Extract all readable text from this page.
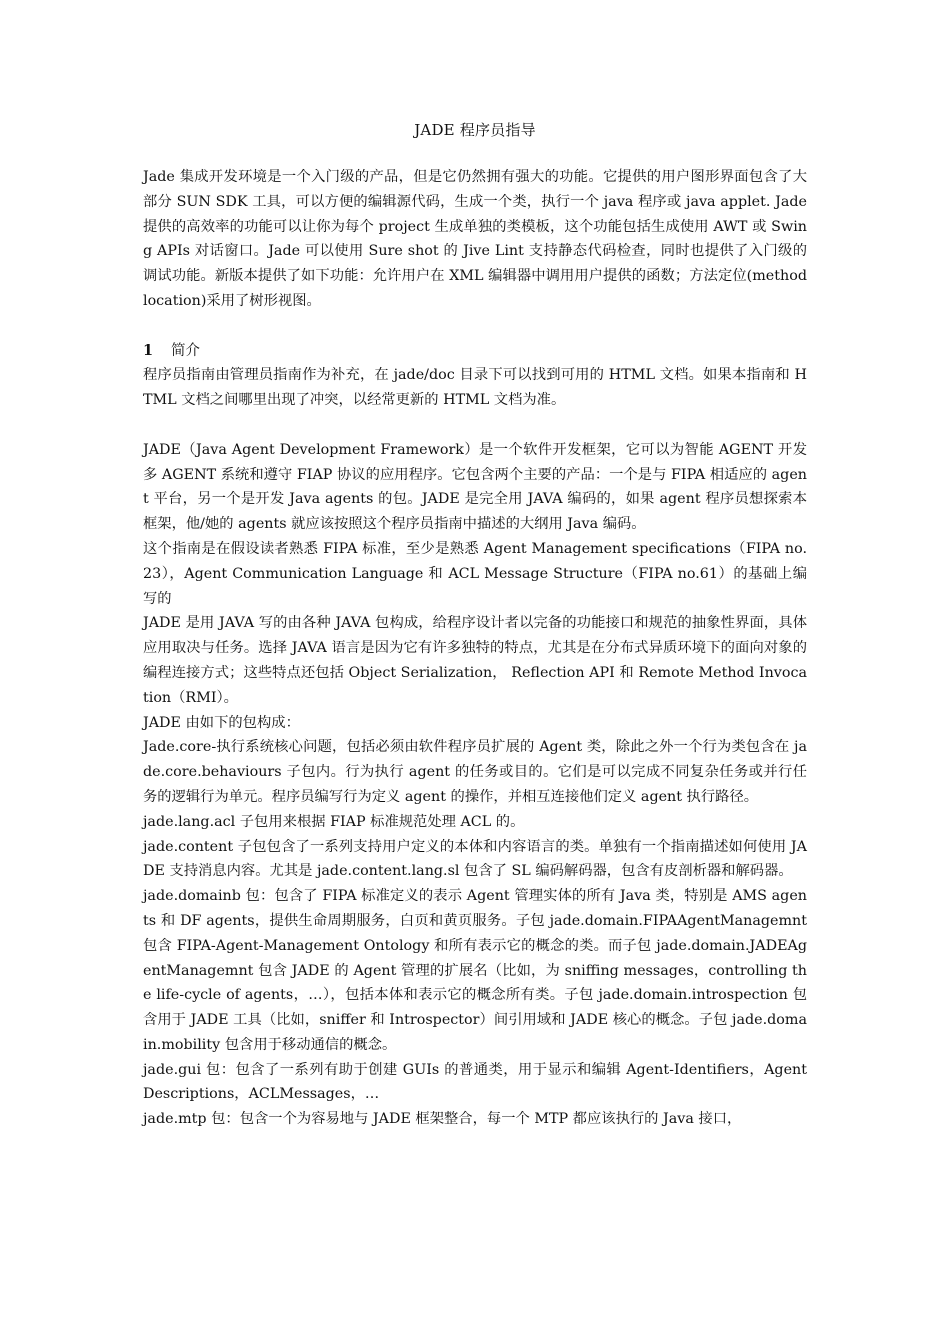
JADE 程序员指导

Jade 集成开发环境是一个入门级的产品，但是它仍然拥有强大的功能。它提供的用户图形界面包含了大部分 SUN SDK 工具，可以方便的编辑源代码，生成一个类，执行一个 java 程序或 java applet. Jade 提供的高效率的功能可以让你为每个 project 生成单独的类模板，这个功能包括生成使用 AWT 或 Swing APIs 对话窗口。Jade 可以使用 Sure shot 的 Jive Lint 支持静态代码检查，同时也提供了入门级的调试功能。新版本提供了如下功能：允许用户在 XML 编辑器中调用用户提供的函数；方法定位(method location)采用了树形视图。

1 简介

程序员指南由管理员指南作为补充，在 jade/doc 目录下可以找到可用的 HTML 文档。如果本指南和 HTML 文档之间哪里出现了冲突，以经常更新的 HTML 文档为准。

JADE（Java Agent Development Framework）是一个软件开发框架，它可以为智能 AGENT 开发多 AGENT 系统和遵守 FIAP 协议的应用程序。它包含两个主要的产品：一个是与 FIPA 相适应的 agent 平台，另一个是开发 Java agents 的包。JADE 是完全用 JAVA 编码的，如果 agent 程序员想探索本框架，他/她的 agents 就应该按照这个程序员指南中描述的大纲用 Java 编码。

这个指南是在假设读者熟悉 FIPA 标准，至少是熟悉 Agent Management specifications（FIPA no.23），Agent Communication Language 和 ACL Message Structure（FIPA no.61）的基础上编写的

JADE 是用 JAVA 写的由各种 JAVA 包构成，给程序设计者以完备的功能接口和规范的抽象性界面，具体应用取决与任务。选择 JAVA 语言是因为它有许多独特的特点，尤其是在分布式异质环境下的面向对象的编程连接方式；这些特点还包括 Object Serialization， Reflection API 和 Remote Method Invocation（RMI）。

JADE 由如下的包构成：

Jade.core-执行系统核心问题，包括必须由软件程序员扩展的 Agent 类，除此之外一个行为类包含在 jade.core.behaviours 子包内。行为执行 agent 的任务或目的。它们是可以完成不同复杂任务或并行任务的逻辑行为单元。程序员编写行为定义 agent 的操作，并相互连接他们定义 agent 执行路径。

jade.lang.acl 子包用来根据 FIAP 标准规范处理 ACL 的。

jade.content 子包包含了一系列支持用户定义的本体和内容语言的类。单独有一个指南描述如何使用 JADE 支持消息内容。尤其是 jade.content.lang.sl 包含了 SL 编码解码器，包含有皮剖析器和解码器。

jade.domainb 包：包含了 FIPA 标准定义的表示 Agent 管理实体的所有 Java 类，特别是 AMS agents 和 DF agents，提供生命周期服务，白页和黄页服务。子包 jade.domain.FIPAAgentManagemnt 包含 FIPA-Agent-Management Ontology 和所有表示它的概念的类。而子包 jade.domain.JADEAgentManagemnt 包含 JADE 的 Agent 管理的扩展名（比如，为 sniffing messages，controlling the life-cycle of agents，…），包括本体和表示它的概念所有类。子包 jade.domain.introspection 包含用于 JADE 工具（比如，sniffer 和 Introspector）间引用域和 JADE 核心的概念。子包 jade.domain.mobility 包含用于移动通信的概念。

jade.gui 包：包含了一系列有助于创建 GUIs 的普通类，用于显示和编辑 Agent-Identifiers，Agent Descriptions，ACLMessages，…

jade.mtp 包：包含一个为容易地与 JADE 框架整合，每一个 MTP 都应该执行的 Java 接口，
